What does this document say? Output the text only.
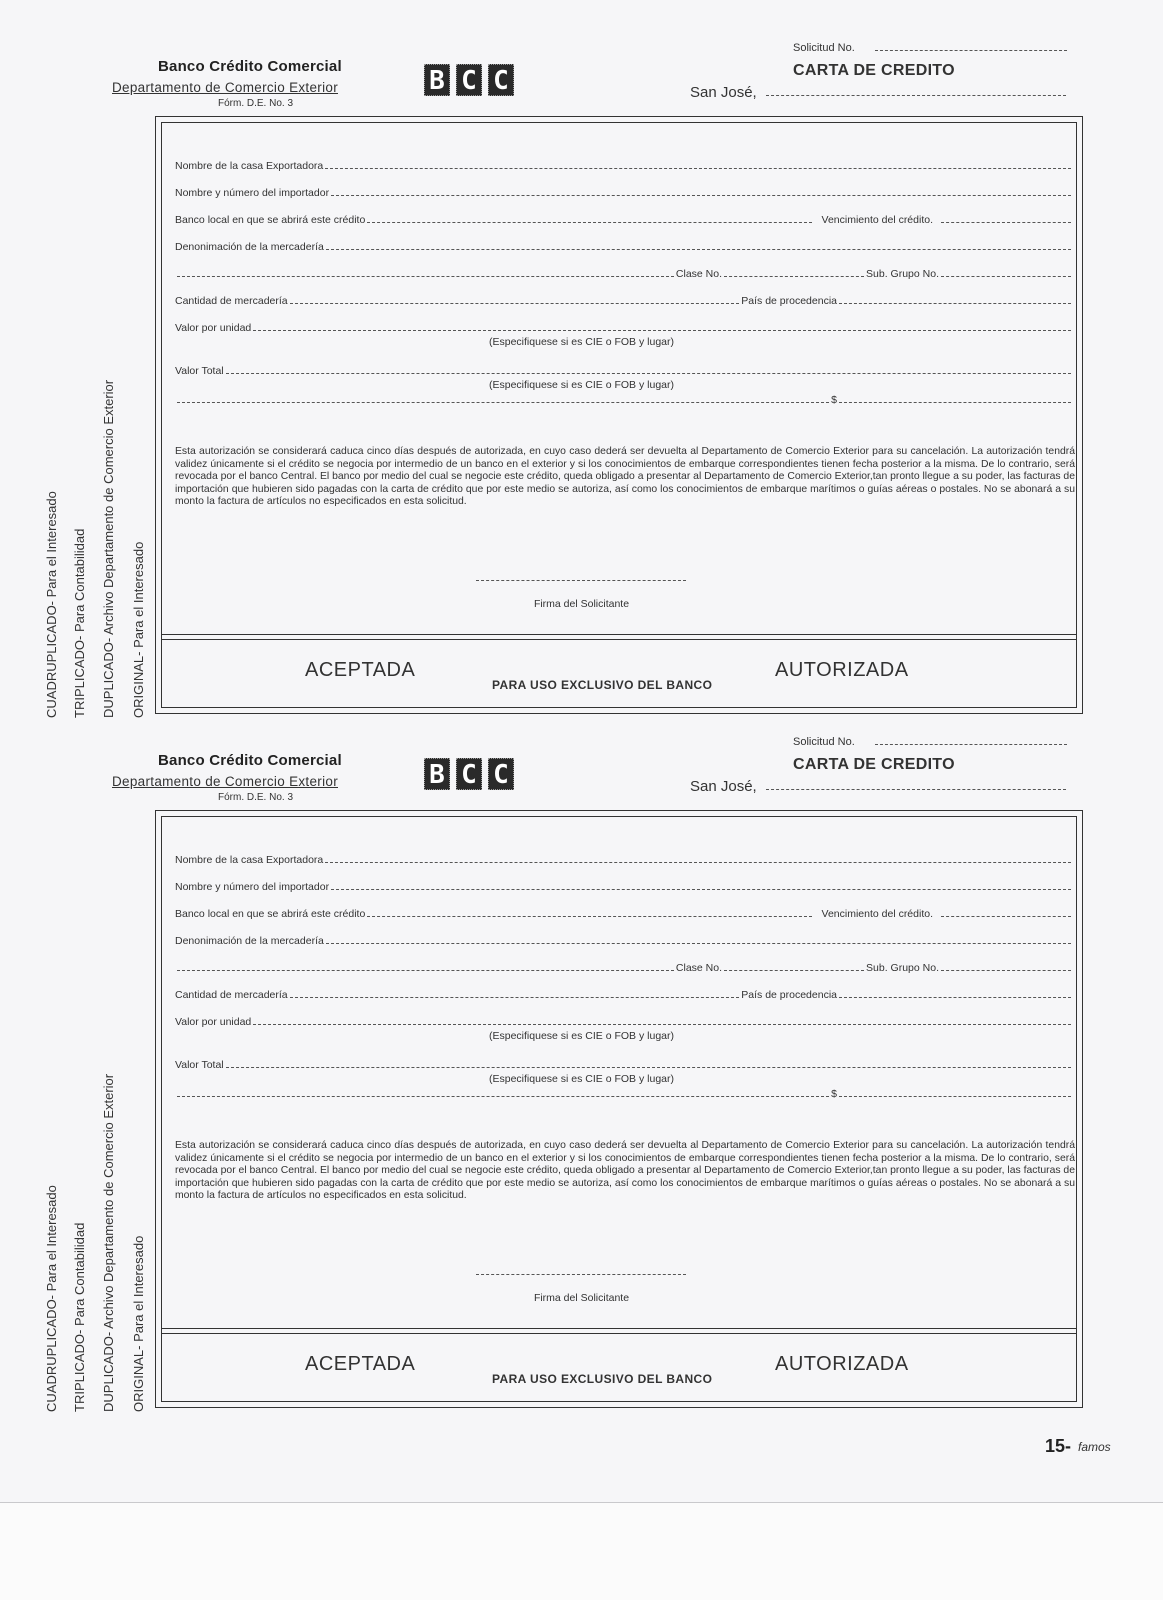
Banco Crédito Comercial
Departamento de Comercio Exterior
Fórm. D.E. No. 3
B C C
Solicitud No.
CARTA DE CREDITO
San José,
Nombre de la casa Exportadora
Nombre y número del importador
Banco local en que se abrirá este crédito	Vencimiento del crédito.
Denonimación de la mercadería
Clase No.	Sub. Grupo No.
Cantidad de mercadería	País de procedencia
Valor por unidad
(Especifiquese si es CIE o FOB y lugar)
Valor Total
(Especifiquese si es CIE o FOB y lugar)
$
Esta autorización se considerará caduca cinco días después de autorizada, en cuyo caso dederá ser devuelta al Departamento de Comercio Exterior para su cancelación. La autorización tendrá validez únicamente si el crédito se negocia por intermedio de un banco en el exterior y si los conocimientos de embarque correspondientes tienen fecha posterior a la misma. De lo contrario, será revocada por el banco Central. El banco por medio del cual se negocie este crédito, queda obligado a presentar al Departamento de Comercio Exterior,tan pronto llegue a su poder, las facturas de importación que hubieren sido pagadas con la carta de crédito que por este medio se autoriza, así como los conocimientos de embarque marítimos o guías aéreas o postales. No se abonará a su monto la factura de artículos no especificados en esta solicitud.
Firma del Solicitante
ACEPTADA	AUTORIZADA
PARA USO EXCLUSIVO DEL BANCO
CUADRUPLICADO- Para el Interesado TRIPLICADO- Para Contabilidad DUPLICADO- Archivo Departamento de Comercio Exterior ORIGINAL- Para el Interesado
Banco Crédito Comercial
Departamento de Comercio Exterior
Fórm. D.E. No. 3
B C C
Solicitud No.
CARTA DE CREDITO
San José,
Nombre de la casa Exportadora
Nombre y número del importador
Banco local en que se abrirá este crédito	Vencimiento del crédito.
Denonimación de la mercadería
Clase No.	Sub. Grupo No.
Cantidad de mercadería	País de procedencia
Valor por unidad
(Especifiquese si es CIE o FOB y lugar)
Valor Total
(Especifiquese si es CIE o FOB y lugar)
$
Esta autorización se considerará caduca cinco días después de autorizada, en cuyo caso dederá ser devuelta al Departamento de Comercio Exterior para su cancelación. La autorización tendrá validez únicamente si el crédito se negocia por intermedio de un banco en el exterior y si los conocimientos de embarque correspondientes tienen fecha posterior a la misma. De lo contrario, será revocada por el banco Central. El banco por medio del cual se negocie este crédito, queda obligado a presentar al Departamento de Comercio Exterior,tan pronto llegue a su poder, las facturas de importación que hubieren sido pagadas con la carta de crédito que por este medio se autoriza, así como los conocimientos de embarque marítimos o guías aéreas o postales. No se abonará a su monto la factura de artículos no especificados en esta solicitud.
Firma del Solicitante
ACEPTADA	AUTORIZADA
PARA USO EXCLUSIVO DEL BANCO
CUADRUPLICADO- Para el Interesado TRIPLICADO- Para Contabilidad DUPLICADO- Archivo Departamento de Comercio Exterior ORIGINAL- Para el Interesado
15- famos
